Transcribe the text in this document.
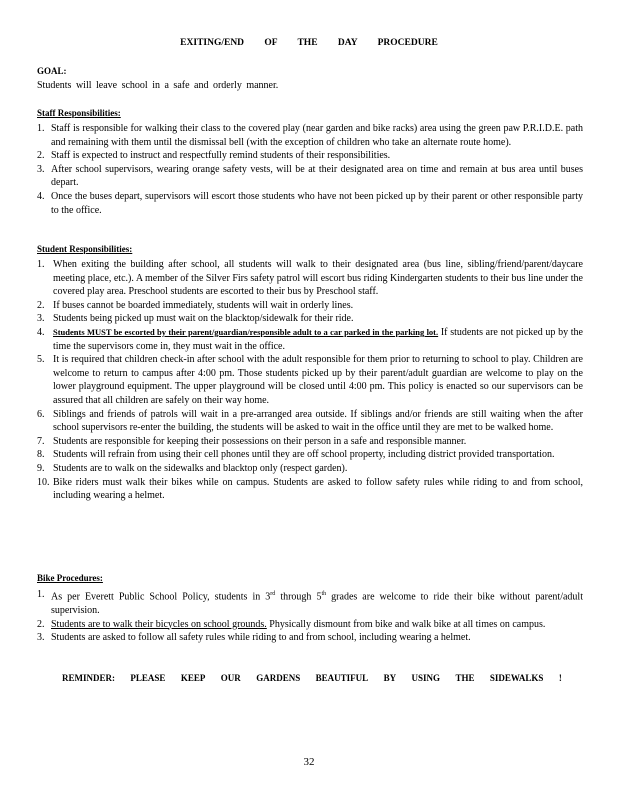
EXITING/END OF THE DAY PROCEDURE
GOAL:
Students will leave school in a safe and orderly manner.
Staff Responsibilities:
1. Staff is responsible for walking their class to the covered play (near garden and bike racks) area using the green paw P.R.I.D.E. path and remaining with them until the dismissal bell (with the exception of children who take an alternate route home).
2. Staff is expected to instruct and respectfully remind students of their responsibilities.
3. After school supervisors, wearing orange safety vests, will be at their designated area on time and remain at bus area until buses depart.
4. Once the buses depart, supervisors will escort those students who have not been picked up by their parent or other responsible party to the office.
Student Responsibilities:
1. When exiting the building after school, all students will walk to their designated area (bus line, sibling/friend/parent/daycare meeting place, etc.). A member of the Silver Firs safety patrol will escort bus riding Kindergarten students to their bus line under the covered play area. Preschool students are escorted to their bus by Preschool staff.
2. If buses cannot be boarded immediately, students will wait in orderly lines.
3. Students being picked up must wait on the blacktop/sidewalk for their ride.
4. Students MUST be escorted by their parent/guardian/responsible adult to a car parked in the parking lot. If students are not picked up by the time the supervisors come in, they must wait in the office.
5. It is required that children check-in after school with the adult responsible for them prior to returning to school to play. Children are welcome to return to campus after 4:00 pm. Those students picked up by their parent/adult guardian are welcome to play on the lower playground equipment. The upper playground will be closed until 4:00 pm. This policy is enacted so our supervisors can be assured that all children are safely on their way home.
6. Siblings and friends of patrols will wait in a pre-arranged area outside. If siblings and/or friends are still waiting when the after school supervisors re-enter the building, the students will be asked to wait in the office until they are met to be walked home.
7. Students are responsible for keeping their possessions on their person in a safe and responsible manner.
8. Students will refrain from using their cell phones until they are off school property, including district provided transportation.
9. Students are to walk on the sidewalks and blacktop only (respect garden).
10. Bike riders must walk their bikes while on campus. Students are asked to follow safety rules while riding to and from school, including wearing a helmet.
Bike Procedures:
1. As per Everett Public School Policy, students in 3rd through 5th grades are welcome to ride their bike without parent/adult supervision.
2. Students are to walk their bicycles on school grounds. Physically dismount from bike and walk bike at all times on campus.
3. Students are asked to follow all safety rules while riding to and from school, including wearing a helmet.
REMINDER: PLEASE KEEP OUR GARDENS BEAUTIFUL BY USING THE SIDEWALKS !
32
